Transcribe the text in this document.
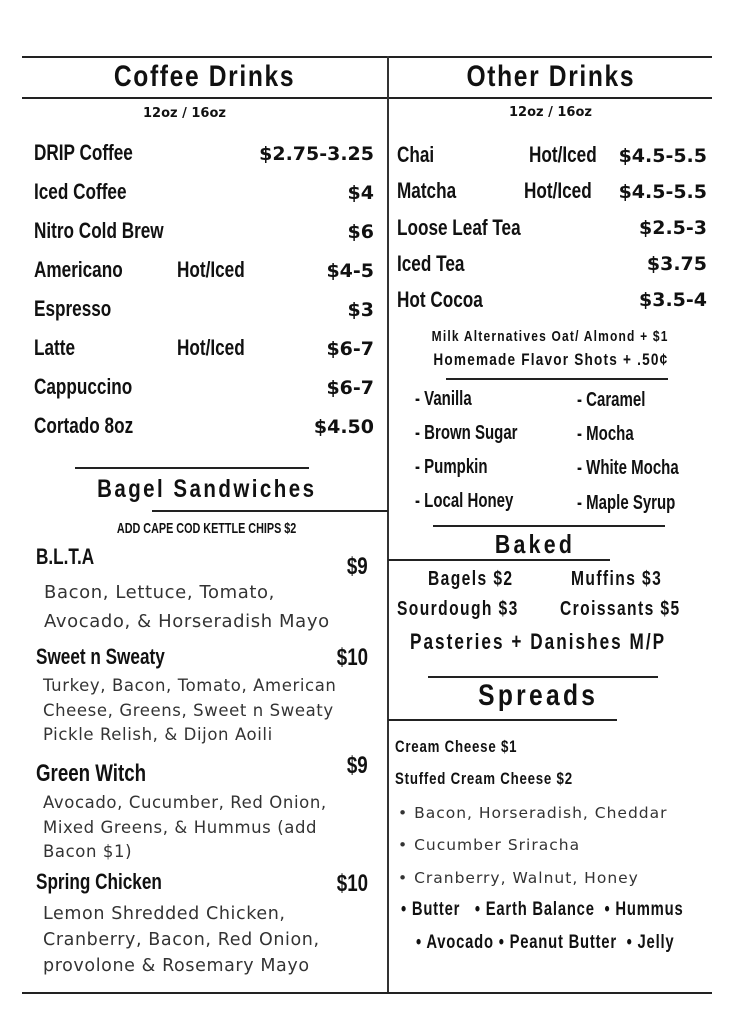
Coffee Drinks
12oz / 16oz
DRIP Coffee	$2.75-3.25
Iced Coffee	$4
Nitro Cold Brew	$6
Americano Hot/Iced	$4-5
Espresso	$3
Latte	Hot/Iced	$6-7
Cappuccino	$6-7
Cortado 8oz	$4.50
Bagel Sandwiches
ADD CAPE COD KETTLE CHIPS $2
B.L.T.A	$9
Bacon, Lettuce, Tomato,
Avocado, & Horseradish Mayo
Sweet n Sweaty	$10
Turkey, Bacon, Tomato, American
Cheese, Greens, Sweet n Sweaty
Pickle Relish, & Dijon Aoili
Green Witch	$9
Avocado, Cucumber, Red Onion,
Mixed Greens, & Hummus (add
Bacon $1)
Spring Chicken	$10
Lemon Shredded Chicken,
Cranberry, Bacon, Red Onion,
provolone & Rosemary Mayo
Other Drinks
12oz / 16oz
Chai	Hot/Iced $4.5-5.5
Matcha	Hot/Iced $4.5-5.5
Loose Leaf Tea	$2.5-3
Iced Tea	$3.75
Hot Cocoa	$3.5-4
Milk Alternatives Oat/ Almond + $1
Homemade Flavor Shots + .50¢
- Vanilla
- Brown Sugar
- Pumpkin
- Local Honey
- Caramel
- Mocha
- White Mocha
- Maple Syrup
Baked
Bagels $2	Muffins $3
Sourdough $3 Croissants $5
Pasteries + Danishes M/P
Spreads
Cream Cheese $1
Stuffed Cream Cheese $2
• Bacon, Horseradish, Cheddar
• Cucumber Sriracha
• Cranberry, Walnut, Honey
• Butter   • Earth Balance  • Hummus
• Avocado • Peanut Butter  • Jelly
